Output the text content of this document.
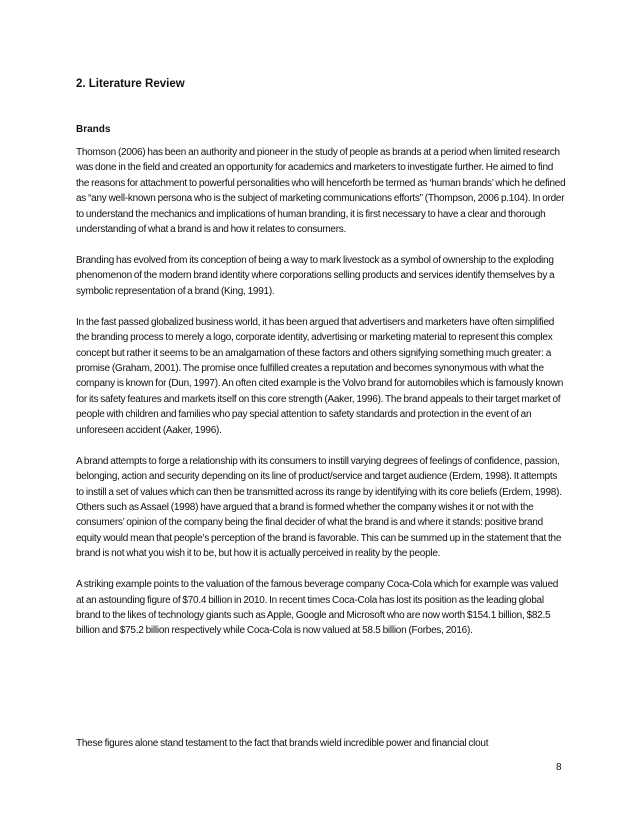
2. Literature Review
Brands

Thomson (2006) has been an authority and pioneer in the study of people as brands at a period when limited research was done in the field and created an opportunity for academics and marketers to investigate further. He aimed to find the reasons for attachment to powerful personalities who will henceforth be termed as ‘human brands’ which he defined as “any well-known persona who is the subject of marketing communications efforts” (Thompson, 2006 p.104). In order to understand the mechanics and implications of human branding, it is first necessary to have a clear and thorough understanding of what a brand is and how it relates to consumers.

Branding has evolved from its conception of being a way to mark livestock as a symbol of ownership to the exploding phenomenon of the modern brand identity where corporations selling products and services identify themselves by a symbolic representation of a brand (King, 1991).

In the fast passed globalized business world, it has been argued that advertisers and marketers have often simplified the branding process to merely a logo, corporate identity, advertising or marketing material to represent this complex concept but rather it seems to be an amalgamation of these factors and others signifying something much greater: a promise (Graham, 2001). The promise once fulfilled creates a reputation and becomes synonymous with what the company is known for (Dun, 1997). An often cited example is the Volvo brand for automobiles which is famously known for its safety features and markets itself on this core strength (Aaker, 1996). The brand appeals to their target market of people with children and families who pay special attention to safety standards and protection in the event of an unforeseen accident (Aaker, 1996).

A brand attempts to forge a relationship with its consumers to instill varying degrees of feelings of confidence, passion, belonging, action and security depending on its line of product/service and target audience (Erdem, 1998). It attempts to instill a set of values which can then be transmitted across its range by identifying with its core beliefs (Erdem, 1998). Others such as Assael (1998) have argued that a brand is formed whether the company wishes it or not with the consumers’ opinion of the company being the final decider of what the brand is and where it stands: positive brand equity would mean that people’s perception of the brand is favorable. This can be summed up in the statement that the brand is not what you wish it to be, but how it is actually perceived in reality by the people.

A striking example points to the valuation of the famous beverage company Coca-Cola which for example was valued at an astounding figure of $70.4 billion in 2010. In recent times Coca-Cola has lost its position as the leading global brand to the likes of technology giants such as Apple, Google and Microsoft who are now worth $154.1 billion, $82.5 billion and $75.2 billion respectively while Coca-Cola is now valued at 58.5 billion (Forbes, 2016).

These figures alone stand testament to the fact that brands wield incredible power and financial clout

8
